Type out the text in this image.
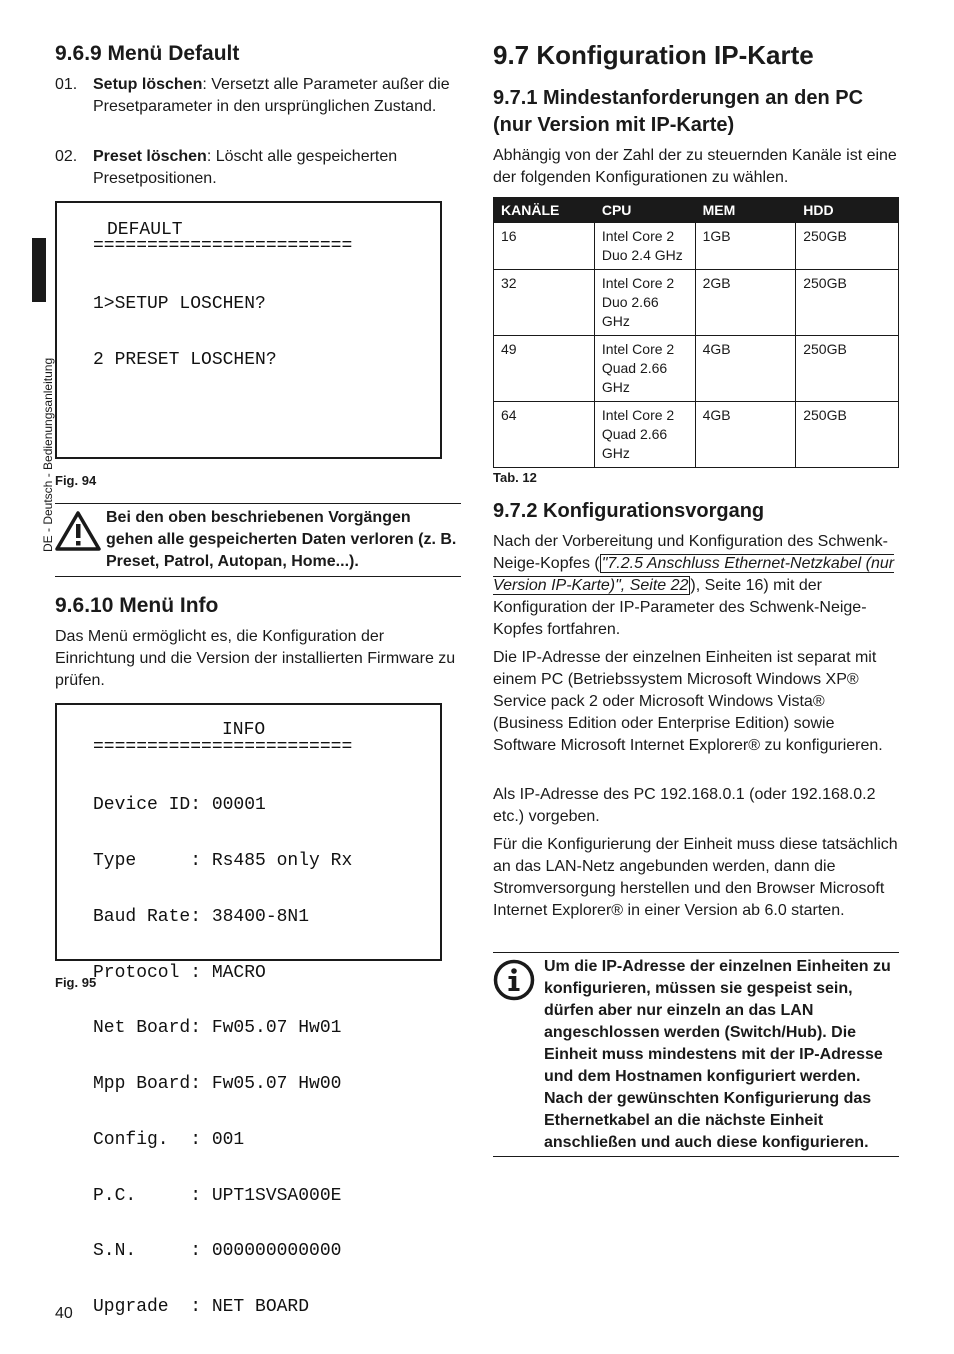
DE - Deutsch - Bedienungsanleitung
9.6.9 Menü Default
01. Setup löschen: Versetzt alle Parameter außer die Presetparameter in den ursprünglichen Zustand.
02. Preset löschen: Löscht alle gespeicherten Presetpositionen.
DEFAULT
========================

1>SETUP LOSCHEN?

2 PRESET LOSCHEN?

Fig. 94
Bei den oben beschriebenen Vorgängen gehen alle gespeicherten Daten verloren (z. B. Preset, Patrol, Autopan, Home...).
9.6.10 Menü Info

Das Menü ermöglicht es, die Konfiguration der Einrichtung und die Version der installierten Firmware zu prüfen.

INFO
========================

Device ID: 00001

Type     : Rs485 only Rx

Baud Rate: 38400-8N1

Protocol : MACRO

Net Board: Fw05.07 Hw01

Mpp Board: Fw05.07 Hw00

Config.  : 001

P.C.     : UPT1SVSA000E

S.N.     : 000000000000

Upgrade  : NET BOARD

Fig. 95
9.7 Konfiguration IP-Karte
9.7.1 Mindestanforderungen an den PC
(nur Version mit IP-Karte)

Abhängig von der Zahl der zu steuernden Kanäle ist eine der folgenden Konfigurationen zu wählen.

KANÄLE	CPU	MEM	HDD
16	Intel Core 2 Duo 2.4 GHz	1GB	250GB
32	Intel Core 2 Duo 2.66 GHz	2GB	250GB
49	Intel Core 2 Quad 2.66 GHz	4GB	250GB
64	Intel Core 2 Quad 2.66 GHz	4GB	250GB
Tab. 12
9.7.2 Konfigurationsvorgang

Nach der Vorbereitung und Konfiguration des Schwenk-Neige-Kopfes ( "7.2.5 Anschluss Ethernet-Netzkabel (nur Version IP-Karte)", Seite 22 ), Seite 16) mit der Konfiguration der IP-Parameter des Schwenk-Neige-Kopfes fortfahren.

Die IP-Adresse der einzelnen Einheiten ist separat mit einem PC (Betriebssystem Microsoft Windows XP® Service pack 2 oder Microsoft Windows Vista® (Business Edition oder Enterprise Edition) sowie Software Microsoft Internet Explorer® zu konfigurieren.

Als IP-Adresse des PC 192.168.0.1 (oder 192.168.0.2 etc.) vorgeben.

Für die Konfigurierung der Einheit muss diese tatsächlich an das LAN-Netz angebunden werden, dann die Stromversorgung herstellen und den Browser Microsoft Internet Explorer® in einer Version ab 6.0 starten.

Um die IP-Adresse der einzelnen Einheiten zu konfigurieren, müssen sie gespeist sein, dürfen aber nur einzeln an das LAN angeschlossen werden (Switch/Hub). Die Einheit muss mindestens mit der IP-Adresse und dem Hostnamen konfiguriert werden. Nach der gewünschten Konfigurierung das Ethernetkabel an die nächste Einheit anschließen und auch diese konfigurieren.
40
